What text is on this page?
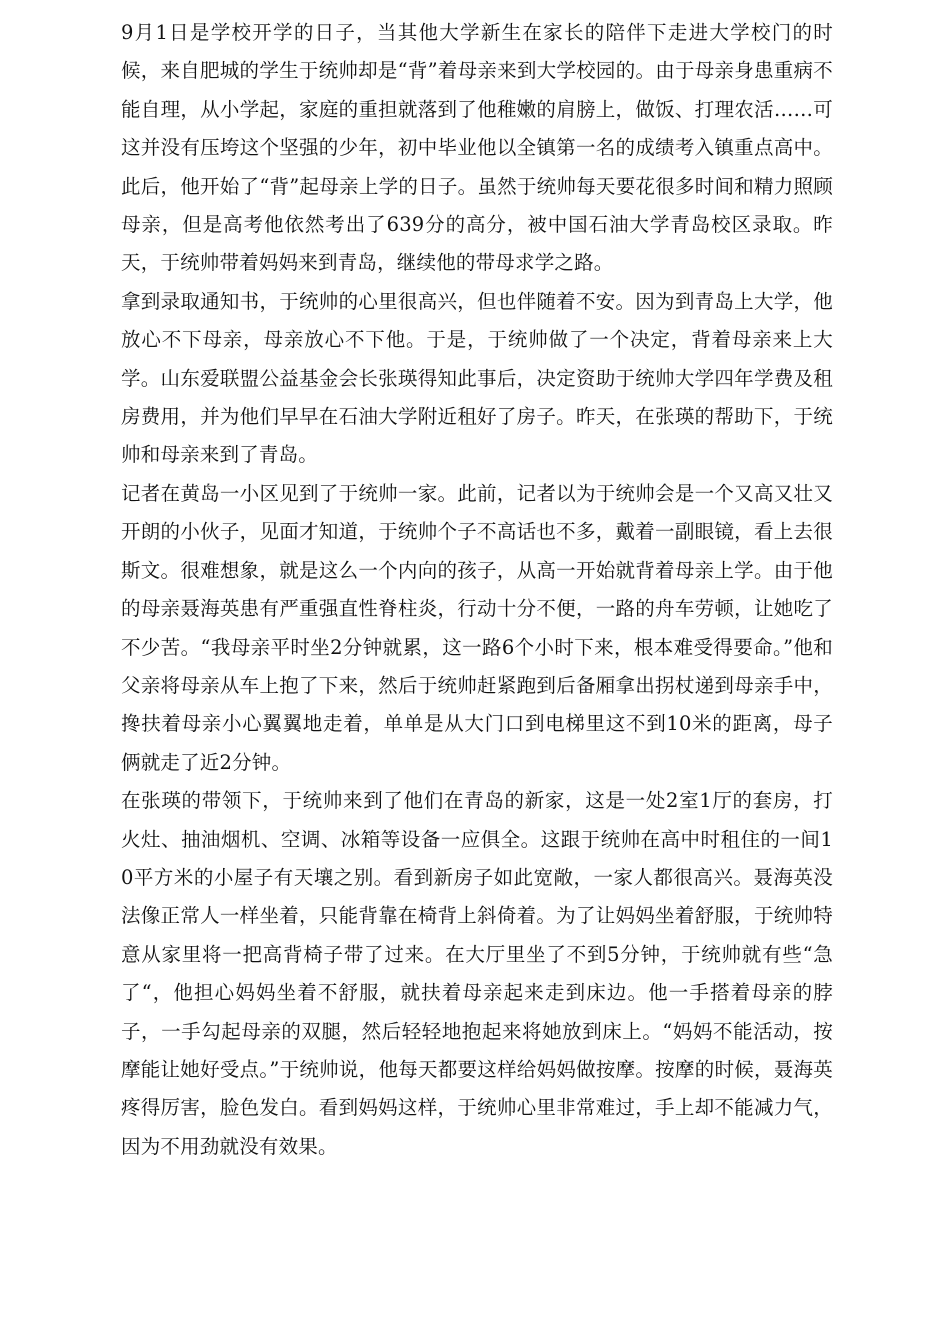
9月1日是学校开学的日子，当其他大学新生在家长的陪伴下走进大学校门的时候，来自肥城的学生于统帅却是“背”着母亲来到大学校园的。由于母亲身患重病不能自理，从小学起，家庭的重担就落到了他稚嫩的肩膀上，做饭、打理农活……可这并没有压垮这个坚强的少年，初中毕业他以全镇第一名的成绩考入镇重点高中。此后，他开始了“背”起母亲上学的日子。虽然于统帅每天要花很多时间和精力照顾母亲，但是高考他依然考出了639分的高分，被中国石油大学青岛校区录取。昨天，于统帅带着妈妈来到青岛，继续他的带母求学之路。

拿到录取通知书，于统帅的心里很高兴，但也伴随着不安。因为到青岛上大学，他放心不下母亲，母亲放心不下他。于是，于统帅做了一个决定，背着母亲来上大学。山东爱联盟公益基金会长张瑛得知此事后，决定资助于统帅大学四年学费及租房费用，并为他们早早在石油大学附近租好了房子。昨天，在张瑛的帮助下，于统帅和母亲来到了青岛。

记者在黄岛一小区见到了于统帅一家。此前，记者以为于统帅会是一个又高又壮又开朗的小伙子，见面才知道，于统帅个子不高话也不多，戴着一副眼镜，看上去很斯文。很难想象，就是这么一个内向的孩子，从高一开始就背着母亲上学。由于他的母亲聂海英患有严重强直性脊柱炎，行动十分不便，一路的舟车劳顿，让她吃了不少苦。“我母亲平时坐2分钟就累，这一路6个小时下来，根本难受得要命。”他和父亲将母亲从车上抱了下来，然后于统帅赶紧跑到后备厢拿出拐杖递到母亲手中，搀扶着母亲小心翼翼地走着，单单是从大门口到电梯里这不到10米的距离，母子俩就走了近2分钟。

在张瑛的带领下，于统帅来到了他们在青岛的新家，这是一处2室1厅的套房，打火灶、抽油烟机、空调、冰箱等设备一应俱全。这跟于统帅在高中时租住的一间10平方米的小屋子有天壤之别。看到新房子如此宽敞，一家人都很高兴。聂海英没法像正常人一样坐着，只能背靠在椅背上斜倚着。为了让妈妈坐着舒服，于统帅特意从家里将一把高背椅子带了过来。在大厅里坐了不到5分钟，于统帅就有些“急了“，他担心妈妈坐着不舒服，就扶着母亲起来走到床边。他一手搭着母亲的脖子，一手勾起母亲的双腿，然后轻轻地抱起来将她放到床上。“妈妈不能活动，按摩能让她好受点。”于统帅说，他每天都要这样给妈妈做按摩。按摩的时候，聂海英疼得厉害，脸色发白。看到妈妈这样，于统帅心里非常难过，手上却不能减力气，因为不用劲就没有效果。
